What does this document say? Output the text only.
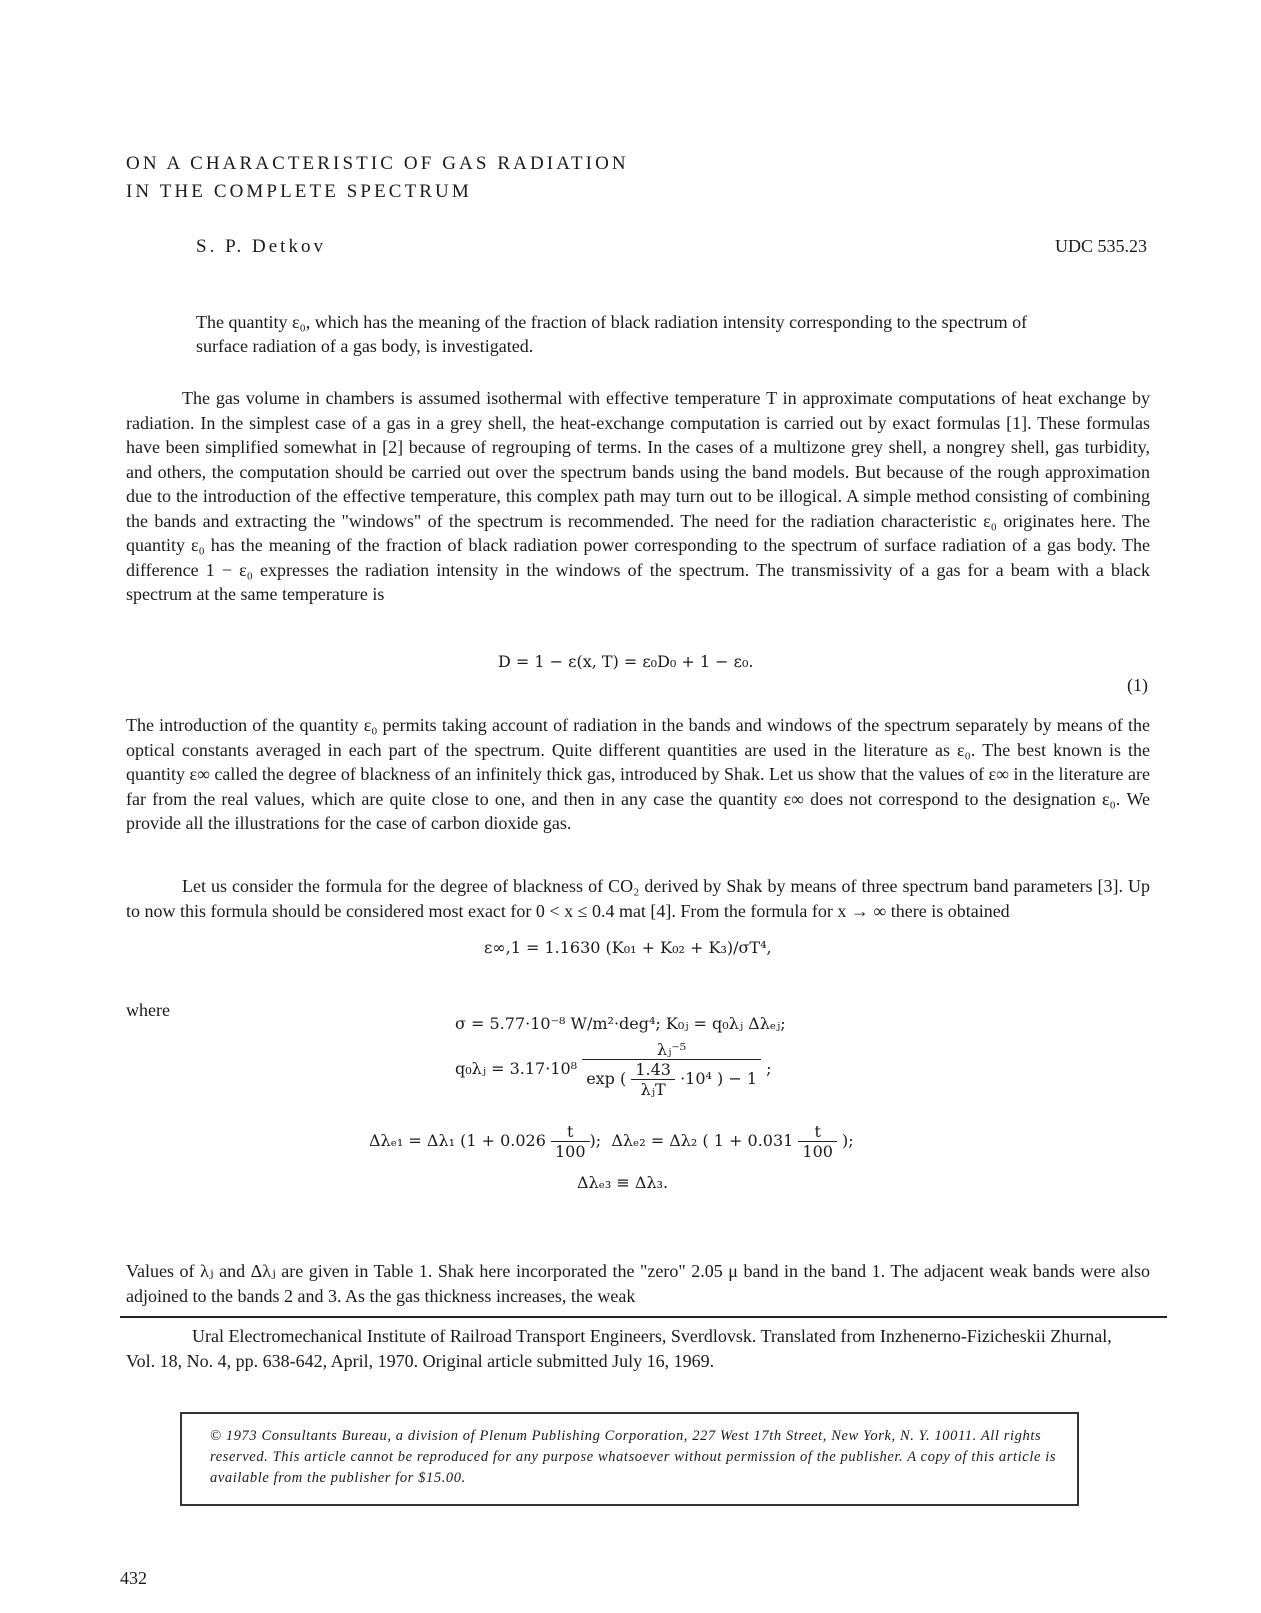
ON A CHARACTERISTIC OF GAS RADIATION
IN THE COMPLETE SPECTRUM
S. P. Detkov	UDC 535.23
The quantity ε₀, which has the meaning of the fraction of black radiation intensity corresponding to the spectrum of surface radiation of a gas body, is investigated.
The gas volume in chambers is assumed isothermal with effective temperature T in approximate computations of heat exchange by radiation. In the simplest case of a gas in a grey shell, the heat-exchange computation is carried out by exact formulas [1]. These formulas have been simplified somewhat in [2] because of regrouping of terms. In the cases of a multizone grey shell, a nongrey shell, gas turbidity, and others, the computation should be carried out over the spectrum bands using the band models. But because of the rough approximation due to the introduction of the effective temperature, this complex path may turn out to be illogical. A simple method consisting of combining the bands and extracting the "windows" of the spectrum is recommended. The need for the radiation characteristic ε₀ originates here. The quantity ε₀ has the meaning of the fraction of black radiation power corresponding to the spectrum of surface radiation of a gas body. The difference 1 − ε₀ expresses the radiation intensity in the windows of the spectrum. The transmissivity of a gas for a beam with a black spectrum at the same temperature is
D = 1 − ε(x, T) = ε₀D₀ + 1 − ε₀.
(1)
The introduction of the quantity ε₀ permits taking account of radiation in the bands and windows of the spectrum separately by means of the optical constants averaged in each part of the spectrum. Quite different quantities are used in the literature as ε₀. The best known is the quantity ε∞ called the degree of blackness of an infinitely thick gas, introduced by Shak. Let us show that the values of ε∞ in the literature are far from the real values, which are quite close to one, and then in any case the quantity ε∞ does not correspond to the designation ε₀. We provide all the illustrations for the case of carbon dioxide gas.
Let us consider the formula for the degree of blackness of CO₂ derived by Shak by means of three spectrum band parameters [3]. Up to now this formula should be considered most exact for 0 < x ≤ 0.4 mat [4]. From the formula for x → ∞ there is obtained
ε∞,1 = 1.1630 (K₀₁ + K₀₂ + K₃)/σT⁴,
where
σ = 5.77·10⁻⁸ W/m²·deg⁴; K₀ⱼ = q₀λⱼ Δλₑⱼ;
q₀λⱼ = 3.17·10⁸
λⱼ⁻⁵
exp ( $\frac{1.43}{\text{λⱼT}} \cdot 10^4$ ) − 1
;
Δλₑ₁ = Δλ₁ ($1 + 0.026 \frac{t}{100}$ );  Δλₑ₂ = Δλ₂ ( $1 + 0.031 \frac{t}{100}$ );
Δλₑ₃ ≡ Δλ₃.
Values of λⱼ and Δλⱼ are given in Table 1. Shak here incorporated the "zero" 2.05 μ band in the band 1. The adjacent weak bands were also adjoined to the bands 2 and 3. As the gas thickness increases, the weak
Ural Electromechanical Institute of Railroad Transport Engineers, Sverdlovsk. Translated from Inzhenerno-Fizicheskii Zhurnal, Vol. 18, No. 4, pp. 638-642, April, 1970. Original article submitted July 16, 1969.
© 1973 Consultants Bureau, a division of Plenum Publishing Corporation, 227 West 17th Street, New York, N. Y. 10011. All rights reserved. This article cannot be reproduced for any purpose whatsoever without permission of the publisher. A copy of this article is available from the publisher for $15.00.
432
